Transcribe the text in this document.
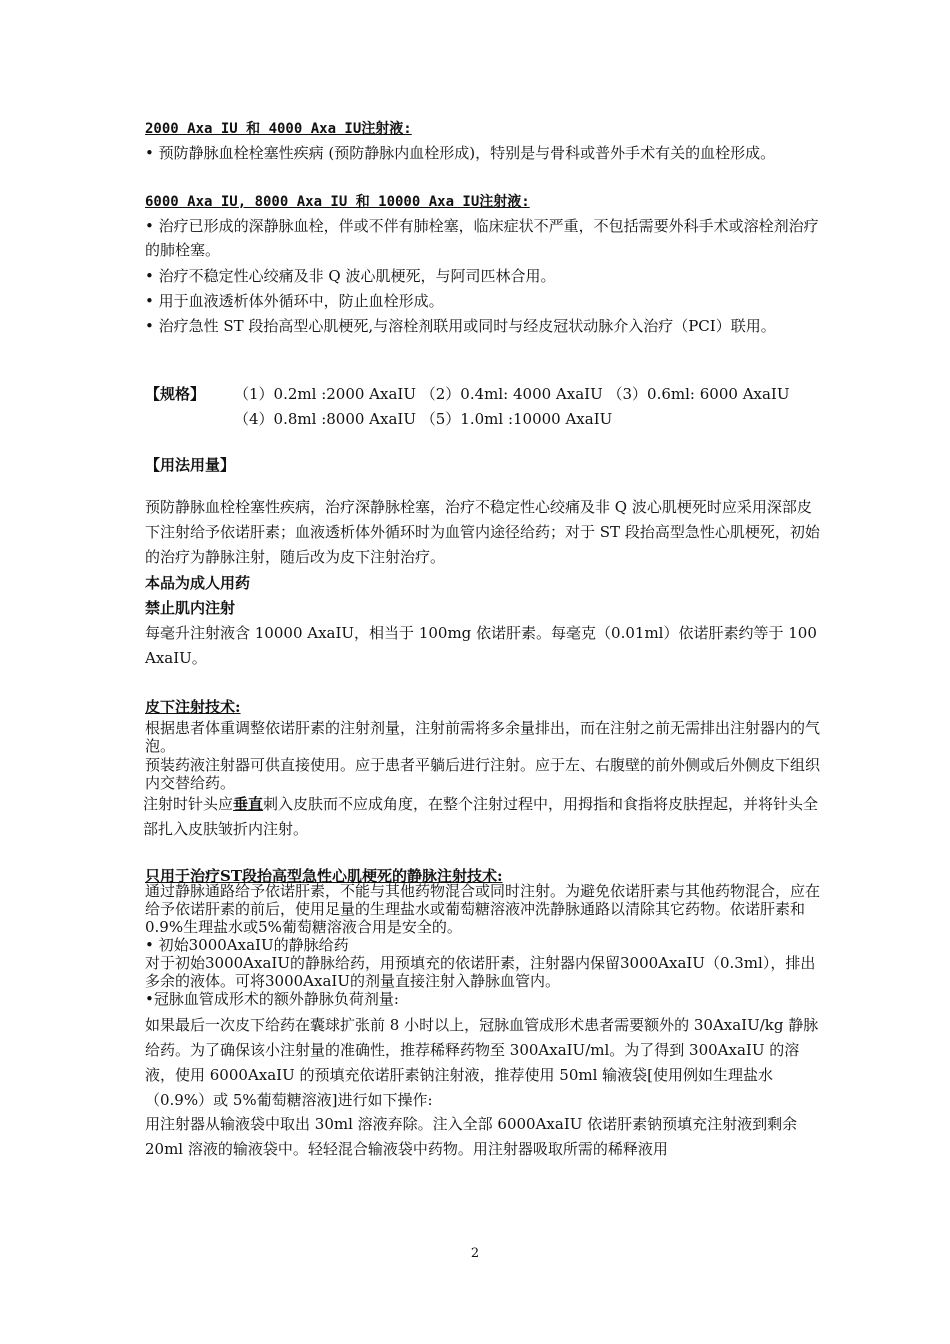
2000 Axa IU 和 4000 Axa IU注射液:
• 预防静脉血栓栓塞性疾病 (预防静脉内血栓形成)，特别是与骨科或普外手术有关的血栓形成。
6000 Axa IU, 8000 Axa IU 和 10000 Axa IU注射液:
• 治疗已形成的深静脉血栓，伴或不伴有肺栓塞，临床症状不严重，不包括需要外科手术或溶栓剂治疗的肺栓塞。
• 治疗不稳定性心绞痛及非 Q 波心肌梗死，与阿司匹林合用。
• 用于血液透析体外循环中，防止血栓形成。
• 治疗急性 ST 段抬高型心肌梗死,与溶栓剂联用或同时与经皮冠状动脉介入治疗（PCI）联用。
【规格】 （1）0.2ml :2000 AxaIU （2）0.4ml: 4000 AxaIU （3）0.6ml: 6000 AxaIU
（4）0.8ml :8000 AxaIU （5）1.0ml :10000 AxaIU
【用法用量】
预防静脉血栓栓塞性疾病，治疗深静脉栓塞，治疗不稳定性心绞痛及非 Q 波心肌梗死时应采用深部皮下注射给予依诺肝素；血液透析体外循环时为血管内途径给药；对于 ST 段抬高型急性心肌梗死，初始的治疗为静脉注射，随后改为皮下注射治疗。
本品为成人用药
禁止肌内注射
每毫升注射液含 10000 AxaIU，相当于 100mg 依诺肝素。每毫克（0.01ml）依诺肝素约等于 100 AxaIU。
皮下注射技术:
根据患者体重调整依诺肝素的注射剂量，注射前需将多余量排出，而在注射之前无需排出注射器内的气泡。
预装药液注射器可供直接使用。应于患者平躺后进行注射。应于左、右腹壁的前外侧或后外侧皮下组织内交替给药。
注射时针头应垂直刺入皮肤而不应成角度，在整个注射过程中，用拇指和食指将皮肤捏起，并将针头全部扎入皮肤皱折内注射。
只用于治疗ST段抬高型急性心肌梗死的静脉注射技术:
通过静脉通路给予依诺肝素，不能与其他药物混合或同时注射。为避免依诺肝素与其他药物混合，应在给予依诺肝素的前后，使用足量的生理盐水或葡萄糖溶液冲洗静脉通路以清除其它药物。依诺肝素和0.9%生理盐水或5%葡萄糖溶液合用是安全的。
• 初始3000AxaIU的静脉给药
对于初始3000AxaIU的静脉给药，用预填充的依诺肝素，注射器内保留3000AxaIU（0.3ml），排出多余的液体。可将3000AxaIU的剂量直接注射入静脉血管内。
•冠脉血管成形术的额外静脉负荷剂量:
如果最后一次皮下给药在囊球扩张前 8 小时以上，冠脉血管成形术患者需要额外的 30AxaIU/kg 静脉给药。为了确保该小注射量的准确性，推荐稀释药物至 300AxaIU/ml。为了得到 300AxaIU 的溶液，使用 6000AxaIU 的预填充依诺肝素钠注射液，推荐使用 50ml 输液袋[使用例如生理盐水（0.9%）或 5%葡萄糖溶液]进行如下操作:
用注射器从输液袋中取出 30ml 溶液弃除。注入全部 6000AxaIU 依诺肝素钠预填充注射液到剩余 20ml 溶液的输液袋中。轻轻混合输液袋中药物。用注射器吸取所需的稀释液用
2
